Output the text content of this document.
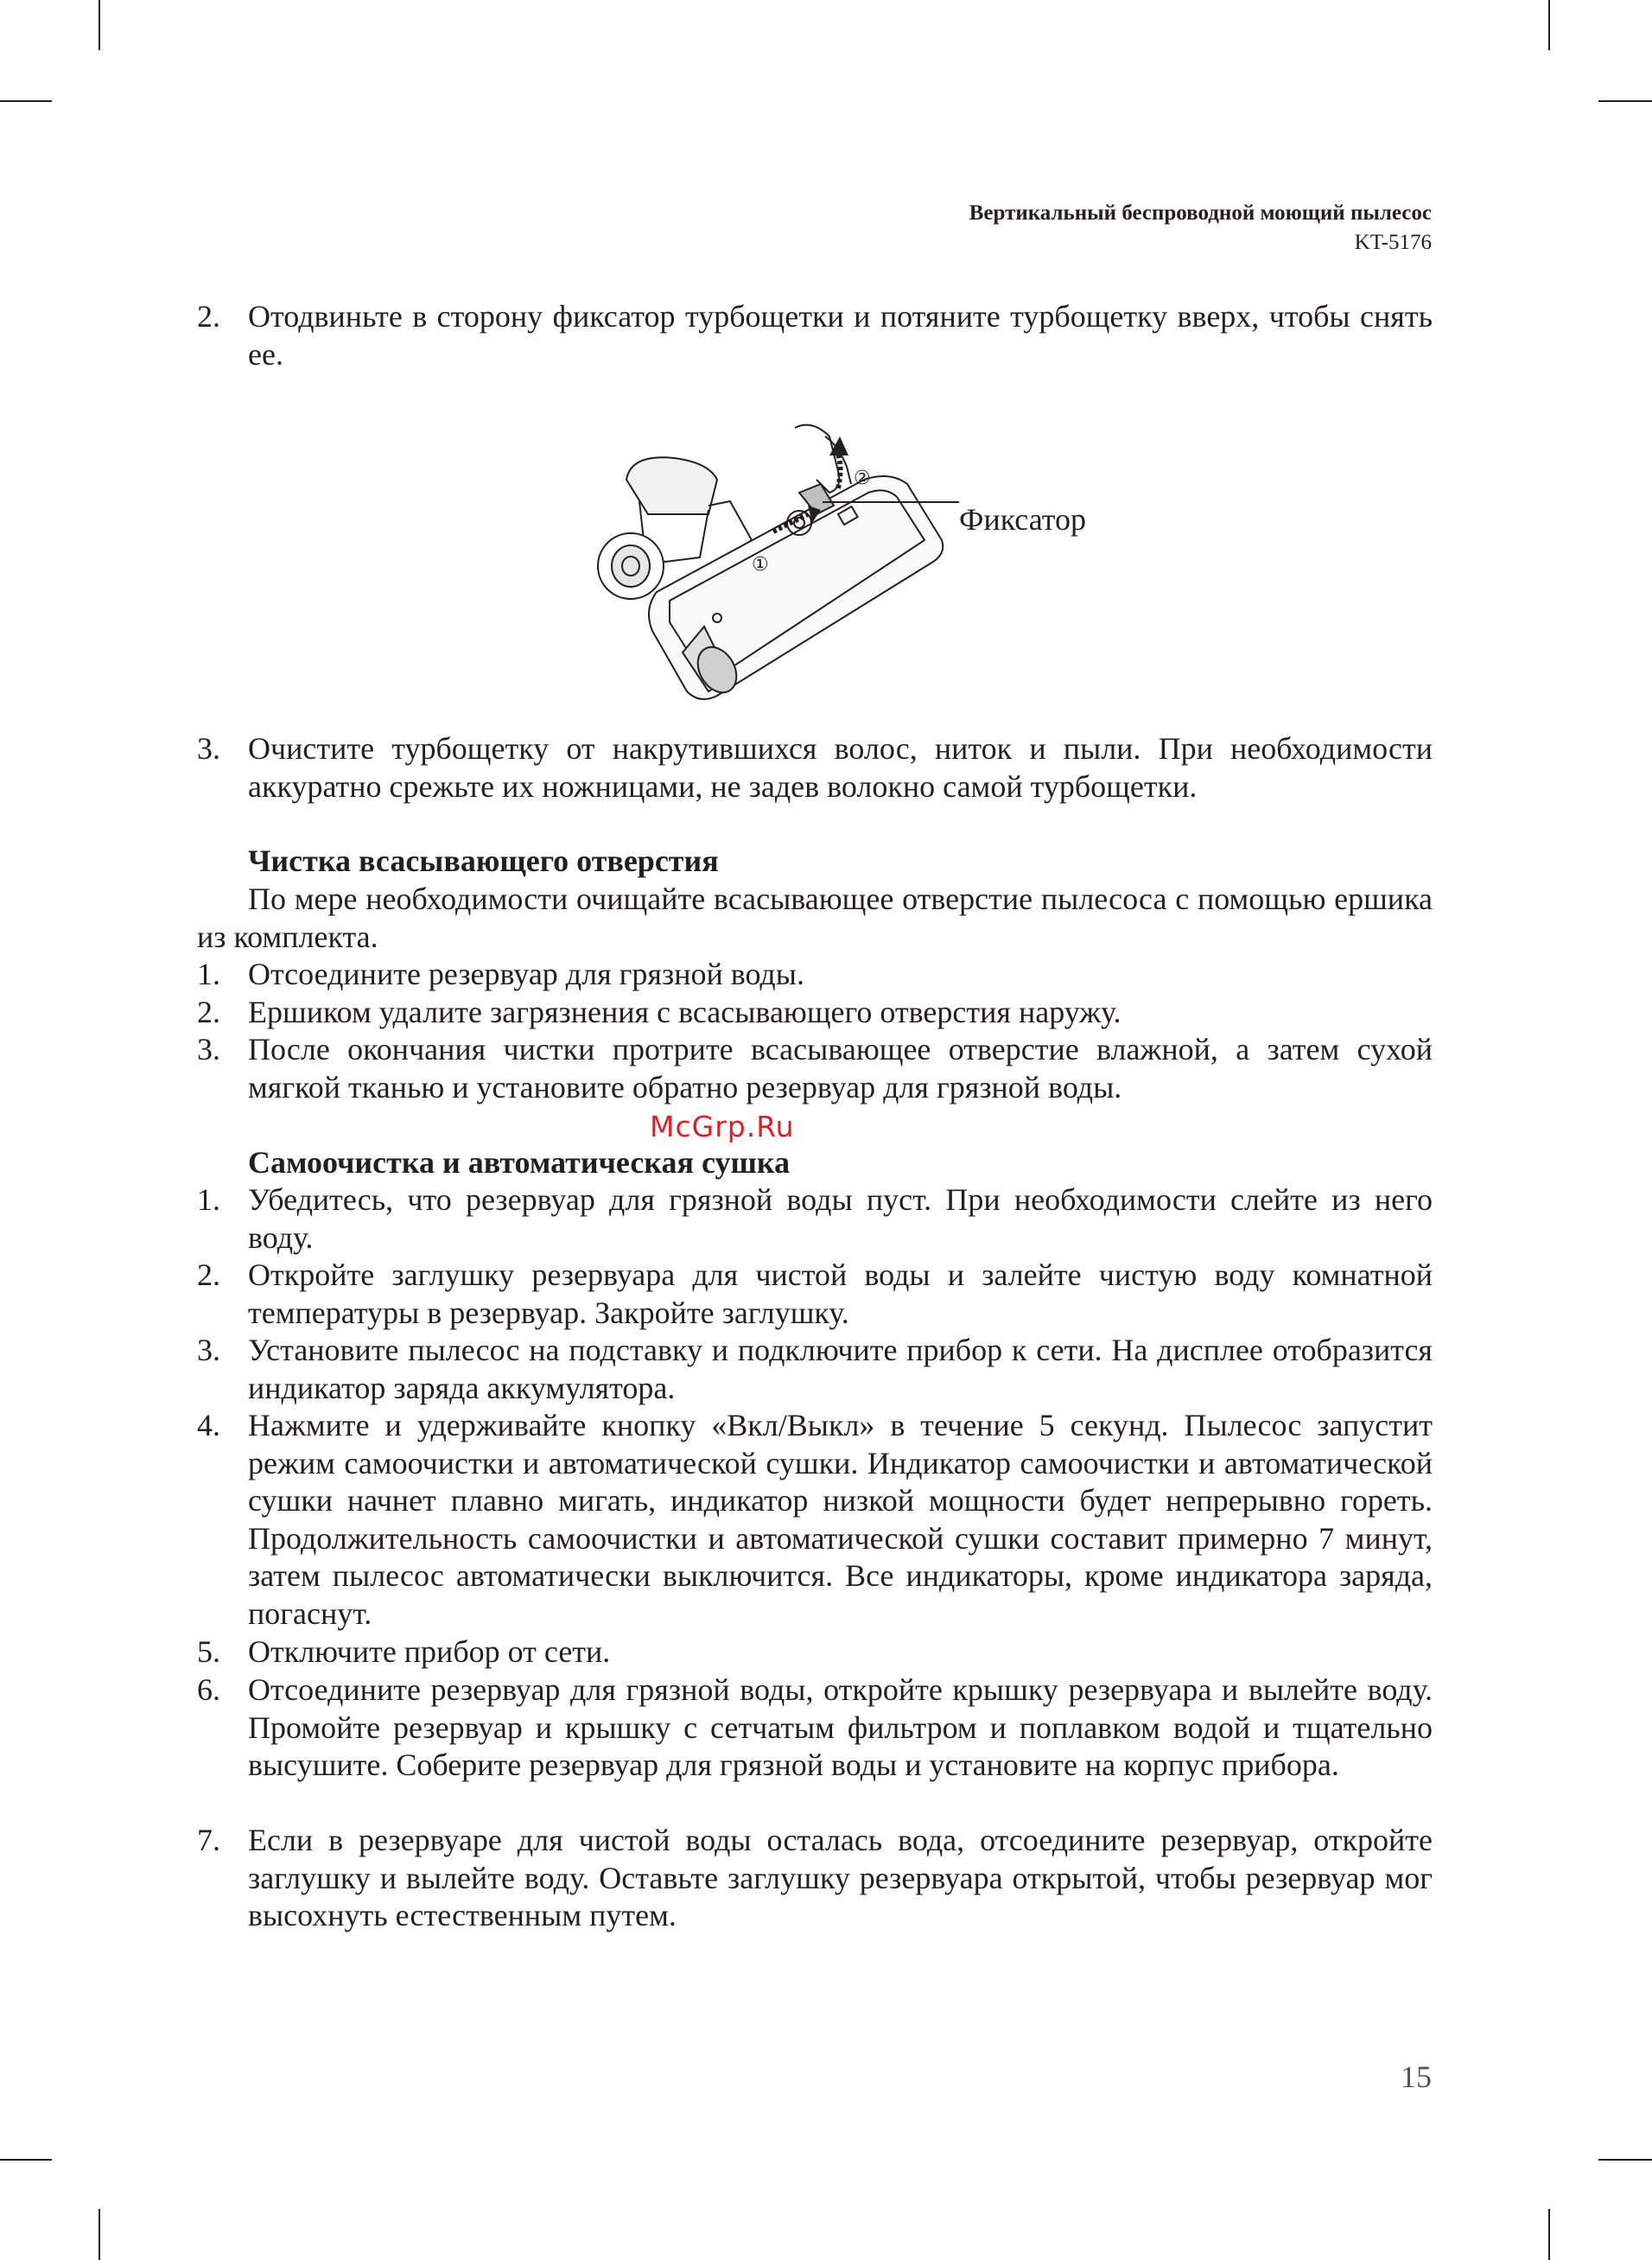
Вертикальный беспроводной моющий пылесос
KT-5176
2. Отодвиньте в сторону фиксатор турбощетки и потяните турбощетку вверх, чтобы снять ее.
①
②
Фиксатор
3. Очистите турбощетку от накрутившихся волос, ниток и пыли. При необходимости аккуратно срежьте их ножницами, не задев волокно самой турбощетки.
Чистка всасывающего отверстия
По мере необходимости очищайте всасывающее отверстие пылесоса с помощью ершика из комплекта.
1. Отсоедините резервуар для грязной воды.
2. Ершиком удалите загрязнения с всасывающего отверстия наружу.
3. После окончания чистки протрите всасывающее отверстие влажной, а затем сухой мягкой тканью и установите обратно резервуар для грязной воды.
McGrp.Ru
Самоочистка и автоматическая сушка
1. Убедитесь, что резервуар для грязной воды пуст. При необходимости слейте из него воду.
2. Откройте заглушку резервуара для чистой воды и залейте чистую воду комнатной температуры в резервуар. Закройте заглушку.
3. Установите пылесос на подставку и подключите прибор к сети. На дисплее отобразится индикатор заряда аккумулятора.
4. Нажмите и удерживайте кнопку «Вкл/Выкл» в течение 5 секунд. Пылесос запустит режим самоочистки и автоматической сушки. Индикатор самоочистки и автоматической сушки начнет плавно мигать, индикатор низкой мощности будет непрерывно гореть. Продолжительность самоочистки и автоматической сушки составит примерно 7 минут, затем пылесос автоматически выключится. Все индикаторы, кроме индикатора заряда, погаснут.
5. Отключите прибор от сети.
6. Отсоедините резервуар для грязной воды, откройте крышку резервуара и вылейте воду. Промойте резервуар и крышку с сетчатым фильтром и поплавком водой и тщательно высушите. Соберите резервуар для грязной воды и установите на корпус прибора.
7. Если в резервуаре для чистой воды осталась вода, отсоедините резервуар, откройте заглушку и вылейте воду. Оставьте заглушку резервуара открытой, чтобы резервуар мог высохнуть естественным путем.
15
